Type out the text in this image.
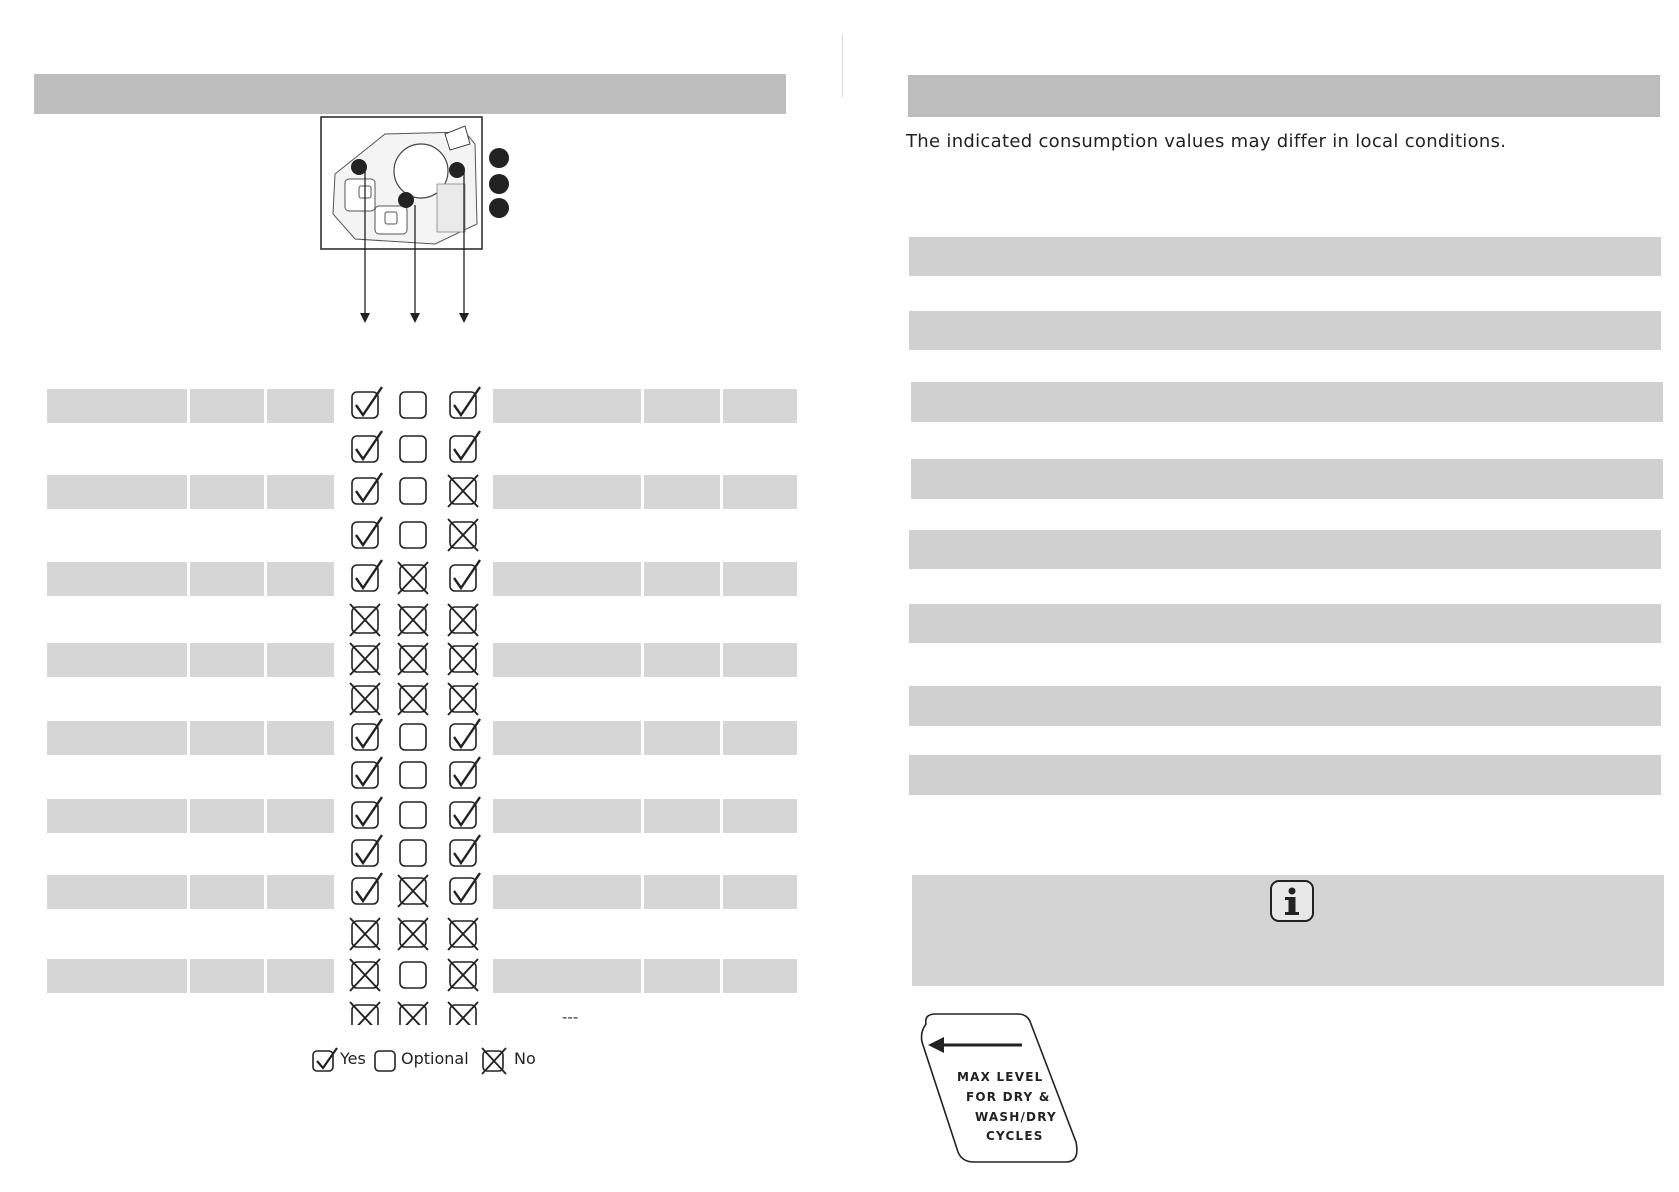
---
Yes Optional	No
The indicated consumption values may differ in local conditions.
MAX LEVEL
FOR DRY &
WASH/DRY
CYCLES
